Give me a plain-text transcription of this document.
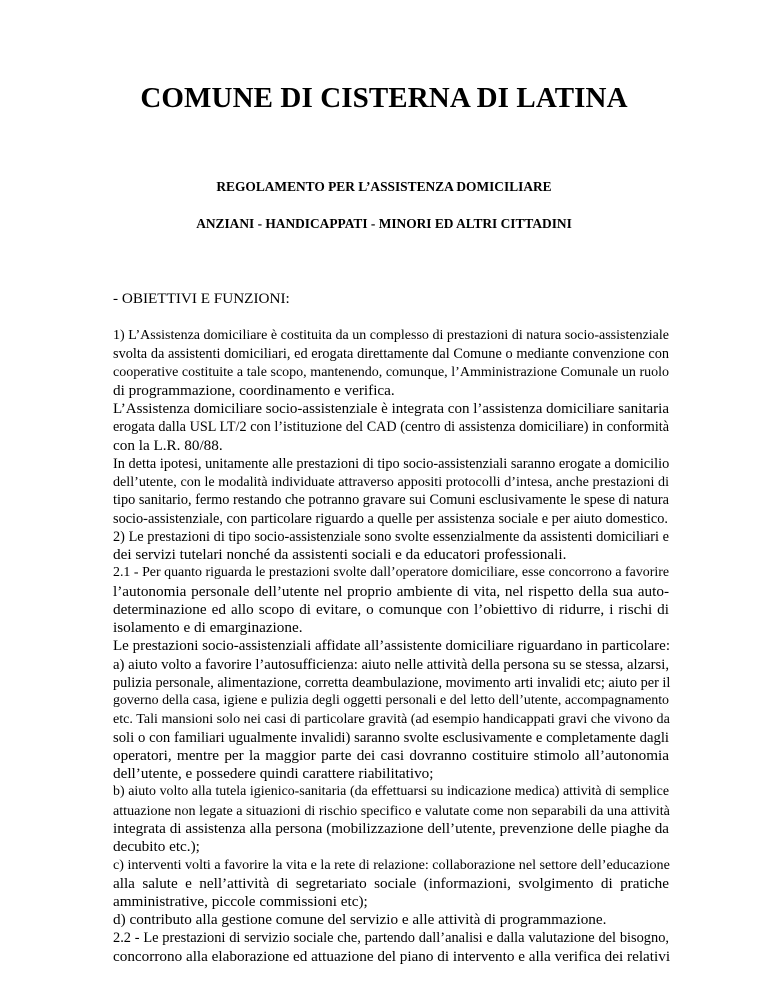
COMUNE DI CISTERNA DI LATINA
REGOLAMENTO PER L’ASSISTENZA DOMICILIARE
ANZIANI - HANDICAPPATI - MINORI ED ALTRI CITTADINI
- OBIETTIVI E FUNZIONI:
1) L’Assistenza domiciliare è costituita da un complesso di prestazioni di natura socio-assistenziale
svolta da assistenti domiciliari, ed erogata direttamente dal Comune o mediante convenzione con
cooperative costituite a tale scopo, mantenendo, comunque, l’Amministrazione Comunale un ruolo
di programmazione, coordinamento e verifica.
L’Assistenza domiciliare socio-assistenziale è integrata con l’assistenza domiciliare sanitaria
erogata dalla USL LT/2 con l’istituzione del CAD (centro di assistenza domiciliare) in conformità
con la L.R. 80/88.
In detta ipotesi, unitamente alle prestazioni di tipo socio-assistenziali saranno erogate a domicilio
dell’utente, con le modalità individuate attraverso appositi protocolli d’intesa, anche prestazioni di
tipo sanitario, fermo restando che potranno gravare sui Comuni esclusivamente le spese di natura
socio-assistenziale, con particolare riguardo a quelle per assistenza sociale e per aiuto domestico.
2) Le prestazioni di tipo socio-assistenziale sono svolte essenzialmente da assistenti domiciliari e
dei servizi tutelari nonché da assistenti sociali e da educatori professionali.
2.1 - Per quanto riguarda le prestazioni svolte dall’operatore domiciliare, esse concorrono a favorire
l’autonomia personale dell’utente nel proprio ambiente di vita, nel rispetto della sua auto-
determinazione ed allo scopo di evitare, o comunque con l’obiettivo di ridurre, i rischi di
isolamento e di emarginazione.
Le prestazioni socio-assistenziali affidate all’assistente domiciliare riguardano in particolare:
a) aiuto volto a favorire l’autosufficienza: aiuto nelle attività della persona su se stessa, alzarsi,
pulizia personale, alimentazione, corretta deambulazione, movimento arti invalidi etc; aiuto per il
governo della casa, igiene e pulizia degli oggetti personali e del letto dell’utente, accompagnamento
etc. Tali mansioni solo nei casi di particolare gravità (ad esempio handicappati gravi che vivono da
soli o con familiari ugualmente invalidi) saranno svolte esclusivamente e completamente dagli
operatori, mentre per la maggior parte dei casi dovranno costituire stimolo all’autonomia
dell’utente, e possedere quindi carattere riabilitativo;
b) aiuto volto alla tutela igienico-sanitaria (da effettuarsi su indicazione medica) attività di semplice
attuazione non legate a situazioni di rischio specifico e valutate come non separabili da una attività
integrata di assistenza alla persona (mobilizzazione dell’utente, prevenzione delle piaghe da
decubito etc.);
c) interventi volti a favorire la vita e la rete di relazione: collaborazione nel settore dell’educazione
alla salute e nell’attività di segretariato sociale (informazioni, svolgimento di pratiche
amministrative, piccole commissioni etc);
d) contributo alla gestione comune del servizio e alle attività di programmazione.
2.2 - Le prestazioni di servizio sociale che, partendo dall’analisi e dalla valutazione del bisogno,
concorrono alla elaborazione ed attuazione del piano di intervento e alla verifica dei relativi
